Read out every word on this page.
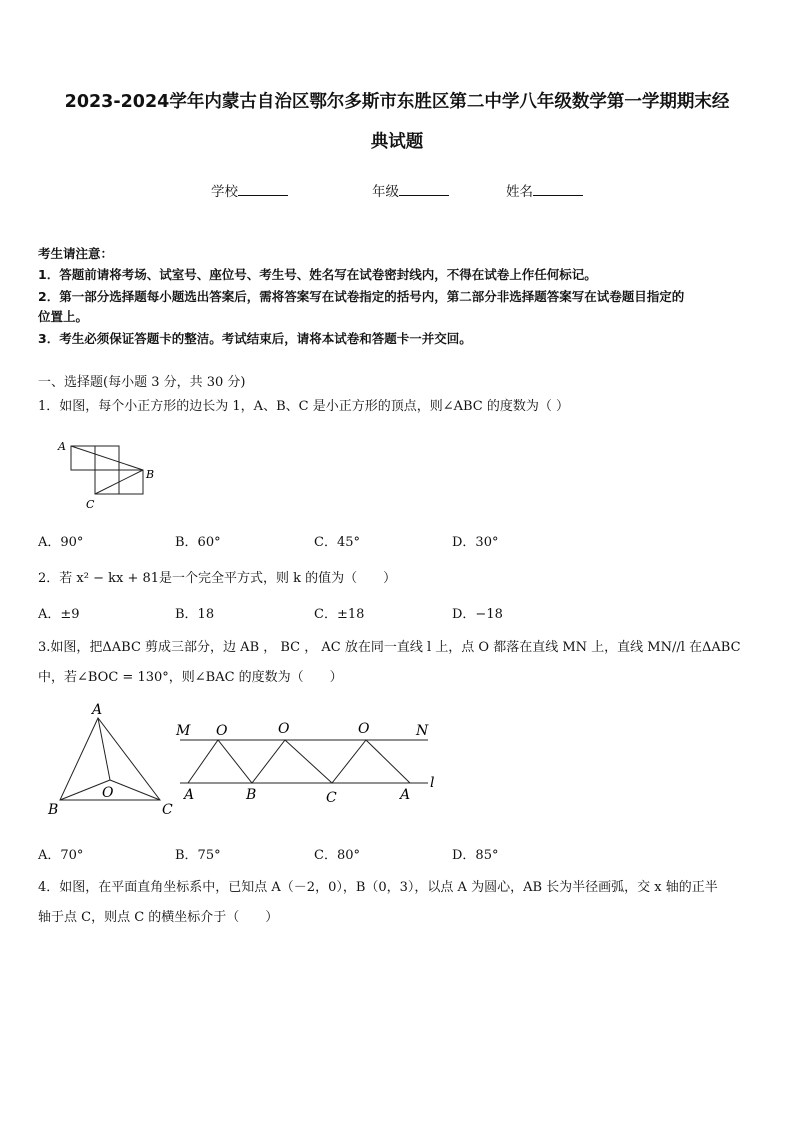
2023-2024学年内蒙古自治区鄂尔多斯市东胜区第二中学八年级数学第一学期期末经
典试题
学校	年级	姓名
考生请注意：
1．答题前请将考场、试室号、座位号、考生号、姓名写在试卷密封线内，不得在试卷上作任何标记。
2．第一部分选择题每小题选出答案后，需将答案写在试卷指定的括号内，第二部分非选择题答案写在试卷题目指定的
位置上。
3．考生必须保证答题卡的整洁。考试结束后，请将本试卷和答题卡一并交回。
一、选择题(每小题 3 分，共 30 分)
1．如图，每个小正方形的边长为 1，A、B、C 是小正方形的顶点，则∠ABC 的度数为（ ）
A
B
C
A．90°	B．60°	C．45°	D．30°
2．若 x² − kx + 81是一个完全平方式，则 k 的值为（　　）
A．±9	B．18	C．±18	D．−18
3.如图，把ΔABC 剪成三部分，边 AB ， BC ， AC 放在同一直线 l 上，点 O 都落在直线 MN 上，直线 MN//l 在ΔABC
中，若∠BOC = 130°，则∠BAC 的度数为（　　）
A
B	C
O
M	N
l
O	O	O
A	B	C	A
A．70°	B．75°	C．80°	D．85°
4．如图，在平面直角坐标系中，已知点 A（－2，0），B（0，3），以点 A 为圆心，AB 长为半径画弧，交 x 轴的正半
轴于点 C，则点 C 的横坐标介于（　　）
